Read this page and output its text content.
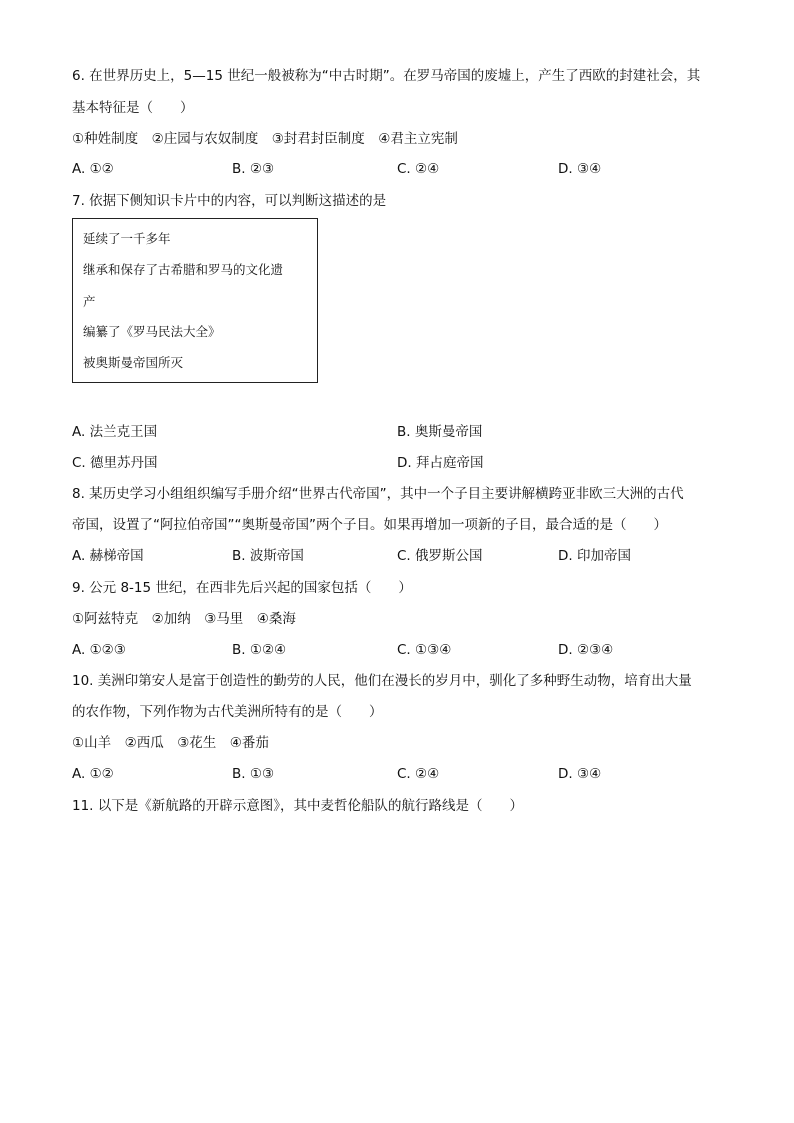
6. 在世界历史上，5—15 世纪一般被称为“中古时期”。在罗马帝国的废墟上，产生了西欧的封建社会，其
基本特征是（　　）
①种姓制度　②庄园与农奴制度　③封君封臣制度　④君主立宪制
A. ①②	B. ②③	C. ②④	D. ③④
7. 依据下侧知识卡片中的内容，可以判断这描述的是
延续了一千多年
继承和保存了古希腊和罗马的文化遗
产
编纂了《罗马民法大全》
被奥斯曼帝国所灭
A. 法兰克王国	B. 奥斯曼帝国
C. 德里苏丹国	D. 拜占庭帝国
8. 某历史学习小组组织编写手册介绍“世界古代帝国”，其中一个子目主要讲解横跨亚非欧三大洲的古代
帝国，设置了“阿拉伯帝国”“奥斯曼帝国”两个子目。如果再增加一项新的子目，最合适的是（　　）
A. 赫梯帝国	B. 波斯帝国	C. 俄罗斯公国	D. 印加帝国
9. 公元 8-15 世纪，在西非先后兴起的国家包括（　　）
①阿兹特克　②加纳　③马里　④桑海
A. ①②③	B. ①②④	C. ①③④	D. ②③④
10. 美洲印第安人是富于创造性的勤劳的人民，他们在漫长的岁月中，驯化了多种野生动物，培育出大量
的农作物，下列作物为古代美洲所特有的是（　　）
①山羊　②西瓜　③花生　④番茄
A. ①②	B. ①③	C. ②④	D. ③④
11. 以下是《新航路的开辟示意图》，其中麦哲伦船队的航行路线是（　　）
